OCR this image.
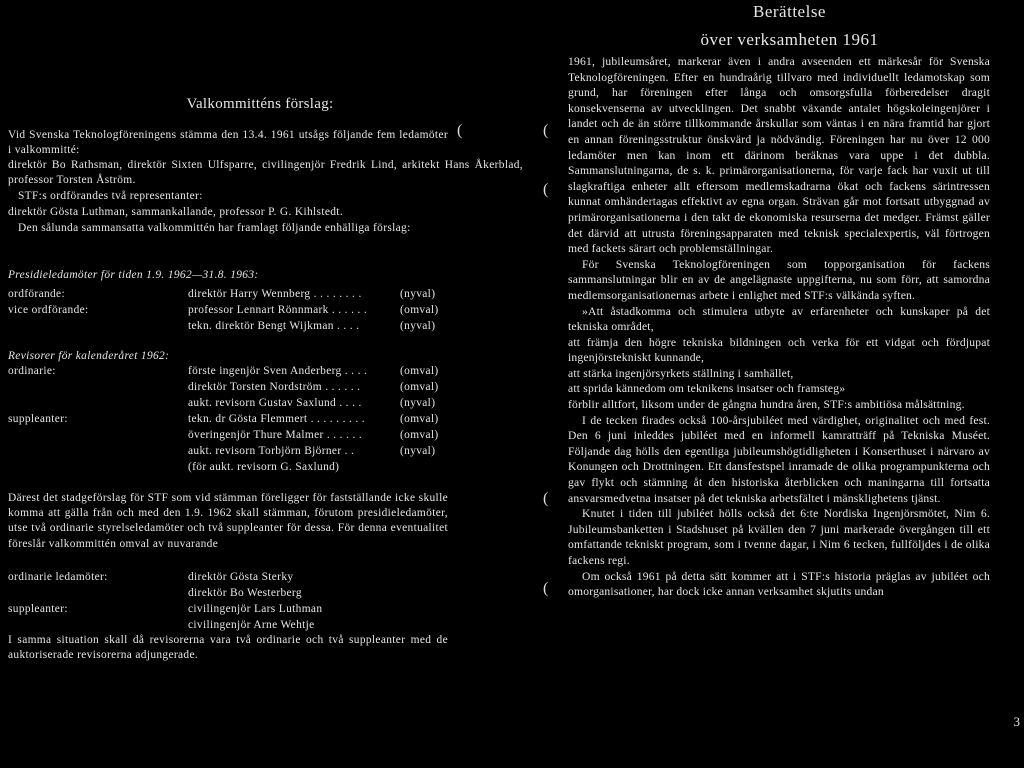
Valkommitténs förslag:
Vid Svenska Teknologföreningens stämma den 13.4. 1961 utsågs följande fem ledamöter i valkommitté:
direktör Bo Rathsman, direktör Sixten Ulfsparre, civilingenjör Fredrik Lind, arkitekt Hans Åkerblad, professor Torsten Åström.
STF:s ordförandes två representanter:
direktör Gösta Luthman, sammankallande, professor P. G. Kihlstedt.
Den sålunda sammansatta valkommittén har framlagt följande enhälliga förslag:
Presidieledamöter för tiden 1.9. 1962—31.8. 1963:
ordförande:	direktör Harry Wennberg . . . . . . . .	(nyval)
vice ordförande:	professor Lennart Rönnmark . . . . . .	(omval)
tekn. direktör Bengt Wijkman . . . .	(nyval)
Revisorer för kalenderåret 1962:
ordinarie:	förste ingenjör Sven Anderberg . . . .	(omval)
direktör Torsten Nordström . . . . . .	(omval)
aukt. revisorn Gustav Saxlund . . . .	(nyval)
suppleanter:	tekn. dr Gösta Flemmert . . . . . . . . .	(omval)
överingenjör Thure Malmer . . . . . .	(omval)
aukt. revisorn Torbjörn Björner . .	(nyval)
(för aukt. revisorn G. Saxlund)
Därest det stadgeförslag för STF som vid stämman föreligger för fastställande icke skulle komma att gälla från och med den 1.9. 1962 skall stämman, förutom presidieledamöter, utse två ordinarie styrelseledamöter och två suppleanter för dessa. För denna eventualitet föreslår valkommittén omval av nuvarande
ordinarie ledamöter:	direktör Gösta Sterky
direktör Bo Westerberg
suppleanter:	civilingenjör Lars Luthman
civilingenjör Arne Wehtje
I samma situation skall då revisorerna vara två ordinarie och två suppleanter med de auktoriserade revisorerna adjungerade.
(	(
(
(
(
Berättelse
över verksamheten 1961

1961, jubileumsåret, markerar även i andra avseenden ett märkesår för Svenska Teknologföreningen. Efter en hundraårig tillvaro med individuellt ledamotskap som grund, har föreningen efter långa och omsorgsfulla förberedelser dragit konsekvenserna av utvecklingen. Det snabbt växande antalet högskoleingenjörer i landet och de än större tillkommande årskullar som väntas i en nära framtid har gjort en annan föreningsstruktur önskvärd ja nödvändig. Föreningen har nu över 12 000 ledamöter men kan inom ett därinom beräknas vara uppe i det dubbla. Sammanslutningarna, de s. k. primärorganisationerna, för varje fack har vuxit ut till slagkraftiga enheter allt eftersom medlemskadrarna ökat och fackens särintressen kunnat omhändertagas effektivt av egna organ. Strävan går mot fortsatt utbyggnad av primärorganisationerna i den takt de ekonomiska resurserna det medger. Främst gäller det därvid att utrusta föreningsapparaten med teknisk specialexpertis, väl förtrogen med fackets särart och problemställningar.

För Svenska Teknologföreningen som topporganisation för fackens sammanslutningar blir en av de angelägnaste uppgifterna, nu som förr, att samordna medlemsorganisationernas arbete i enlighet med STF:s välkända syften.

»Att åstadkomma och stimulera utbyte av erfarenheter och kunskaper på det tekniska området,

att främja den högre tekniska bildningen och verka för ett vidgat och fördjupat ingenjörstekniskt kunnande,

att stärka ingenjörsyrkets ställning i samhället,

att sprida kännedom om teknikens insatser och framsteg»

förblir alltfort, liksom under de gångna hundra åren, STF:s ambitiösa målsättning.

I de tecken firades också 100-årsjubiléet med värdighet, originalitet och med fest. Den 6 juni inleddes jubiléet med en informell kamratträff på Tekniska Muséet. Följande dag hölls den egentliga jubileumshögtidligheten i Konserthuset i närvaro av Konungen och Drottningen. Ett dansfestspel inramade de olika programpunkterna och gav flykt och stämning åt den historiska återblicken och maningarna till fortsatta ansvarsmedvetna insatser på det tekniska arbetsfältet i mänsklighetens tjänst.

Knutet i tiden till jubiléet hölls också det 6:te Nordiska Ingenjörsmötet, Nim 6. Jubileumsbanketten i Stadshuset på kvällen den 7 juni markerade övergången till ett omfattande tekniskt program, som i tvenne dagar, i Nim 6 tecken, fullföljdes i de olika fackens regi.

Om också 1961 på detta sätt kommer att i STF:s historia präglas av jubiléet och omorganisationer, har dock icke annan verksamhet skjutits undan

3
